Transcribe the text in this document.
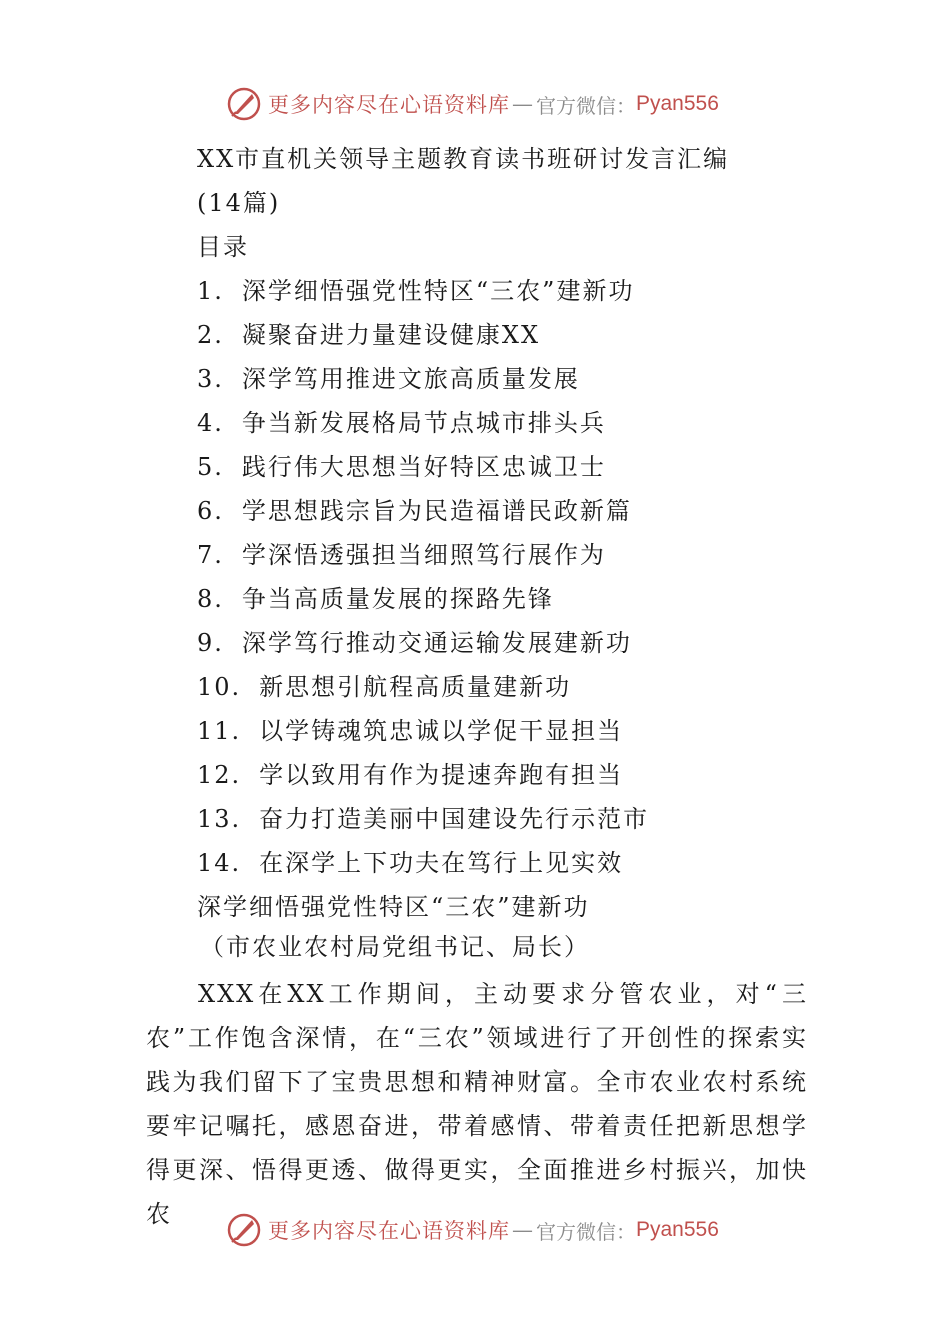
更多内容尽在心语资料库 — 官方微信： Pyan556
XX市直机关领导主题教育读书班研讨发言汇编
(14篇)
目录
1. 深学细悟强党性特区“三农”建新功
2. 凝聚奋进力量建设健康XX
3. 深学笃用推进文旅高质量发展
4. 争当新发展格局节点城市排头兵
5. 践行伟大思想当好特区忠诚卫士
6. 学思想践宗旨为民造福谱民政新篇
7. 学深悟透强担当细照笃行展作为
8. 争当高质量发展的探路先锋
9. 深学笃行推动交通运输发展建新功
10. 新思想引航程高质量建新功
11. 以学铸魂筑忠诚以学促干显担当
12. 学以致用有作为提速奔跑有担当
13. 奋力打造美丽中国建设先行示范市
14. 在深学上下功夫在笃行上见实效
深学细悟强党性特区“三农”建新功
（市农业农村局党组书记、局长）
XXX在XX工作期间，主动要求分管农业，对“三农”工作饱含深情，在“三农”领域进行了开创性的探索实践为我们留下了宝贵思想和精神财富。全市农业农村系统要牢记嘱托，感恩奋进，带着感情、带着责任把新思想学得更深、悟得更透、做得更实，全面推进乡村振兴，加快农
更多内容尽在心语资料库 — 官方微信： Pyan556
